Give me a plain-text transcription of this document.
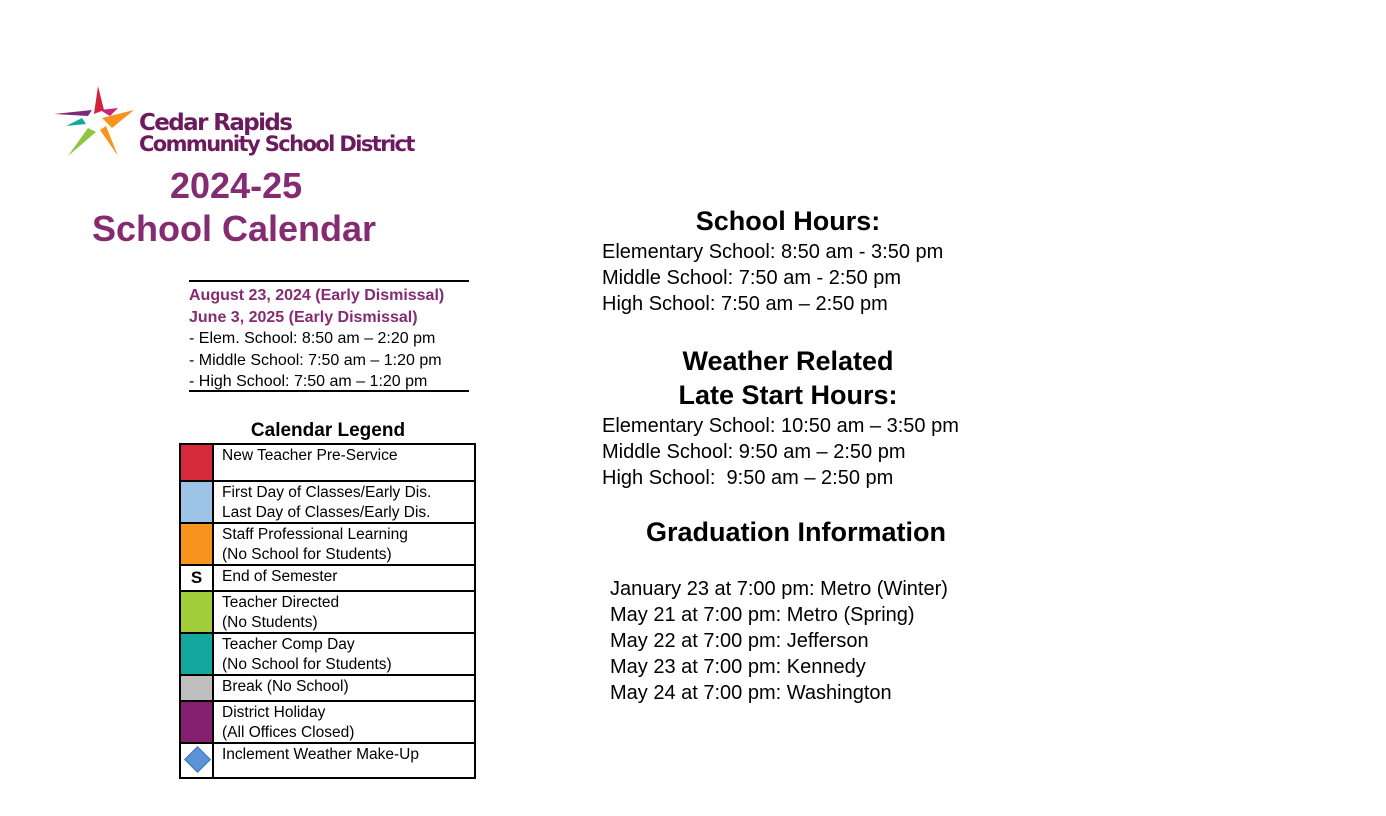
Cedar Rapids
Community School District
2024-25
School Calendar
August 23, 2024 (Early Dismissal)
June 3, 2025 (Early Dismissal)
- Elem. School: 8:50 am – 2:20 pm
- Middle School: 7:50 am – 1:20 pm
- High School: 7:50 am – 1:20 pm
Calendar Legend

	New Teacher Pre-Service

	First Day of Classes/Early Dis.
Last Day of Classes/Early Dis.

	Staff Professional Learning
(No School for Students)

S	End of Semester

	Teacher Directed
(No Students)

	Teacher Comp Day
(No School for Students)

	Break (No School)

	District Holiday
(All Offices Closed)

	Inclement Weather Make-Up
School Hours:
Elementary School: 8:50 am - 3:50 pm
Middle School: 7:50 am - 2:50 pm
High School: 7:50 am – 2:50 pm
Weather Related
Late Start Hours:
Elementary School: 10:50 am – 3:50 pm
Middle School: 9:50 am – 2:50 pm
High School:  9:50 am – 2:50 pm
Graduation Information
January 23 at 7:00 pm: Metro (Winter)
May 21 at 7:00 pm: Metro (Spring)
May 22 at 7:00 pm: Jefferson
May 23 at 7:00 pm: Kennedy
May 24 at 7:00 pm: Washington
